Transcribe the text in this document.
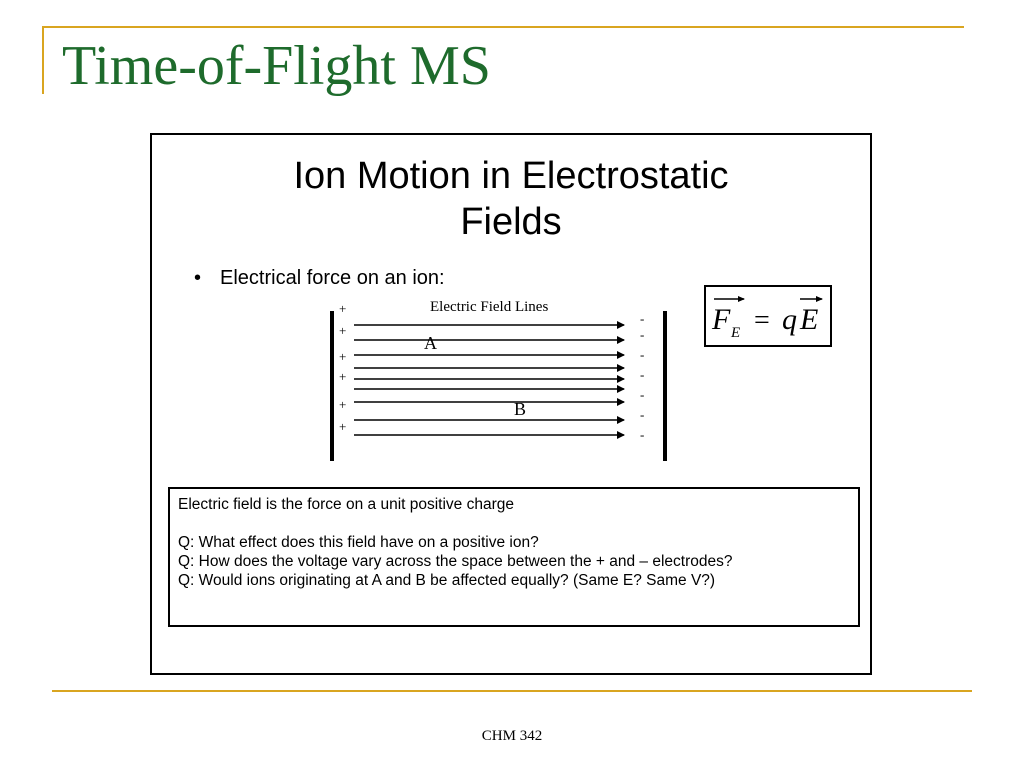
Time-of-Flight MS
Ion Motion in Electrostatic
Fields
• Electrical force on an ion:
Electric Field Lines
+
+
+
+
+
+
-
-
-
-
-
-
-
A
B
F E = q E

Electric field is the force on a unit positive charge

Q: What effect does this field have on a positive ion?

Q: How does the voltage vary across the space between the + and – electrodes?

Q: Would ions originating at A and B be affected equally? (Same E? Same V?)

CHM 342
